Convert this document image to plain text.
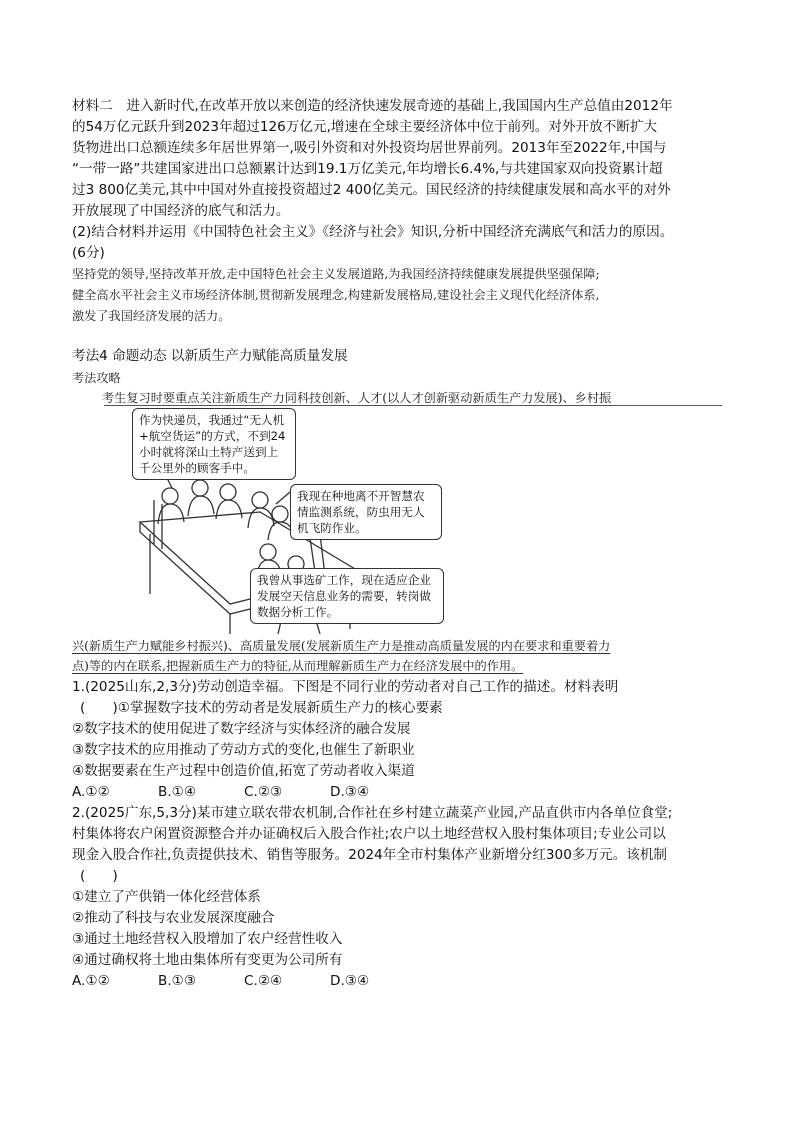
材料二　进入新时代,在改革开放以来创造的经济快速发展奇迹的基础上,我国国内生产总值由2012年
的54万亿元跃升到2023年超过126万亿元,增速在全球主要经济体中位于前列。对外开放不断扩大
货物进出口总额连续多年居世界第一,吸引外资和对外投资均居世界前列。2013年至2022年,中国与
“一带一路”共建国家进出口总额累计达到19.1万亿美元,年均增长6.4%,与共建国家双向投资累计超
过3 800亿美元,其中中国对外直接投资超过2 400亿美元。国民经济的持续健康发展和高水平的对外
开放展现了中国经济的底气和活力。
(2)结合材料并运用《中国特色社会主义》《经济与社会》知识,分析中国经济充满底气和活力的原因。
(6分)
坚持党的领导,坚持改革开放,走中国特色社会主义发展道路,为我国经济持续健康发展提供坚强保障;
健全高水平社会主义市场经济体制,贯彻新发展理念,构建新发展格局,建设社会主义现代化经济体系,
激发了我国经济发展的活力。
考法4 命题动态 以新质生产力赋能高质量发展
考法攻略
考生复习时要重点关注新质生产力同科技创新、人才(以人才创新驱动新质生产力发展)、乡村振
作为快递员，我通过“无人机+航空货运”的方式，不到24小时就将深山土特产送到上千公里外的顾客手中。
我现在种地离不开智慧农情监测系统，防虫用无人机飞防作业。
我曾从事选矿工作，现在适应企业发展空天信息业务的需要，转岗做数据分析工作。
兴(新质生产力赋能乡村振兴)、高质量发展(发展新质生产力是推动高质量发展的内在要求和重要着力
点)等的内在联系,把握新质生产力的特征,从而理解新质生产力在经济发展中的作用。
1.(2025山东,2,3分)劳动创造幸福。下图是不同行业的劳动者对自己工作的描述。材料表明
(　　)①掌握数字技术的劳动者是发展新质生产力的核心要素
②数字技术的使用促进了数字经济与实体经济的融合发展
③数字技术的应用推动了劳动方式的变化,也催生了新职业
④数据要素在生产过程中创造价值,拓宽了劳动者收入渠道
A.①②	B.①④	C.②③	D.③④
2.(2025广东,5,3分)某市建立联农带农机制,合作社在乡村建立蔬菜产业园,产品直供市内各单位食堂;
村集体将农户闲置资源整合并办证确权后入股合作社;农户以土地经营权入股村集体项目;专业公司以
现金入股合作社,负责提供技术、销售等服务。2024年全市村集体产业新增分红300多万元。该机制
(　　)
①建立了产供销一体化经营体系
②推动了科技与农业发展深度融合
③通过土地经营权入股增加了农户经营性收入
④通过确权将土地由集体所有变更为公司所有
A.①②	B.①③	C.②④	D.③④
